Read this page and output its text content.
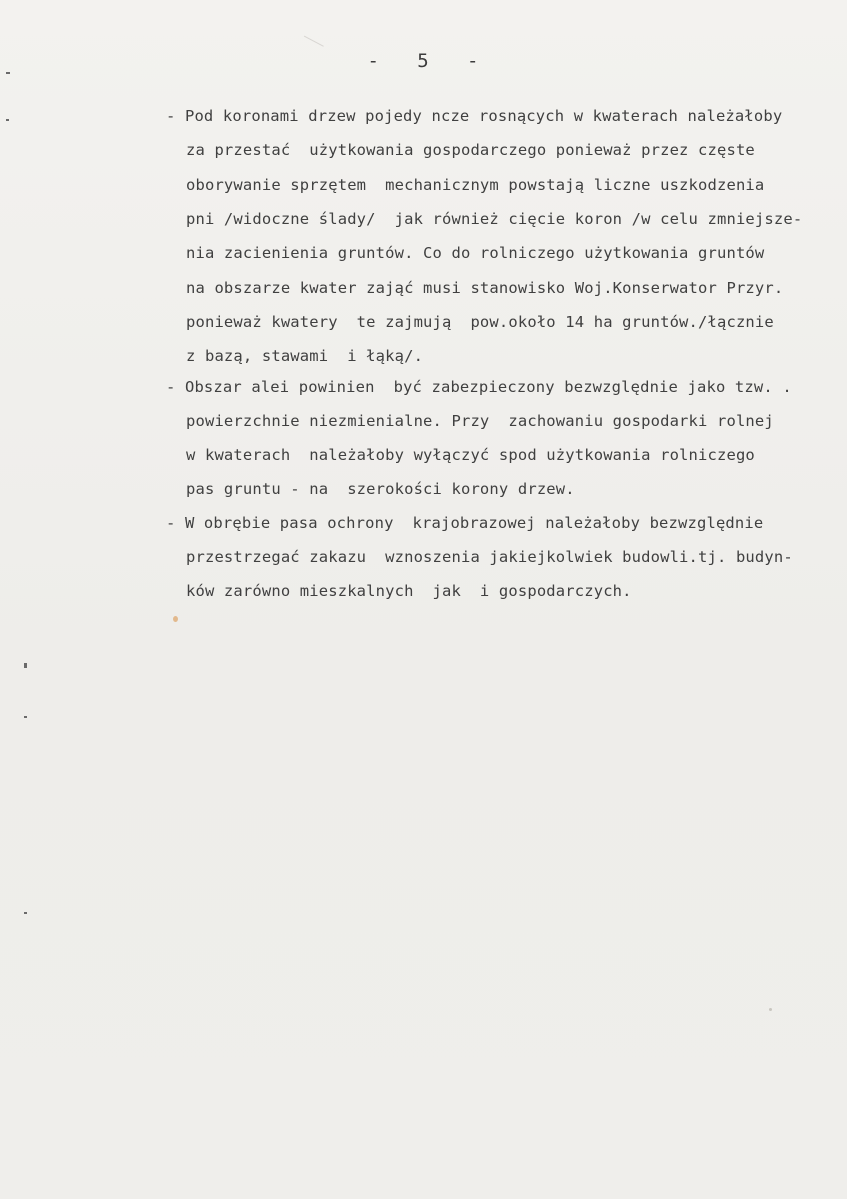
-   5   -
- Pod koronami drzew pojedy ncze rosnących w kwaterach należałoby
za przestać  użytkowania gospodarczego ponieważ przez częste
oborywanie sprzętem  mechanicznym powstają liczne uszkodzenia
pni /widoczne ślady/  jak również cięcie koron /w celu zmniejsze-
nia zacienienia gruntów. Co do rolniczego użytkowania gruntów
na obszarze kwater zająć musi stanowisko Woj.Konserwator Przyr.
ponieważ kwatery  te zajmują  pow.około 14 ha gruntów./łącznie
z bazą, stawami  i łąką/.
- Obszar alei powinien  być zabezpieczony bezwzględnie jako tzw. .
powierzchnie niezmienialne. Przy  zachowaniu gospodarki rolnej
w kwaterach  należałoby wyłączyć spod użytkowania rolniczego
pas gruntu - na  szerokości korony drzew.
- W obrębie pasa ochrony  krajobrazowej należałoby bezwzględnie
przestrzegać zakazu  wznoszenia jakiejkolwiek budowli.tj. budyn-
ków zarówno mieszkalnych  jak  i gospodarczych.
